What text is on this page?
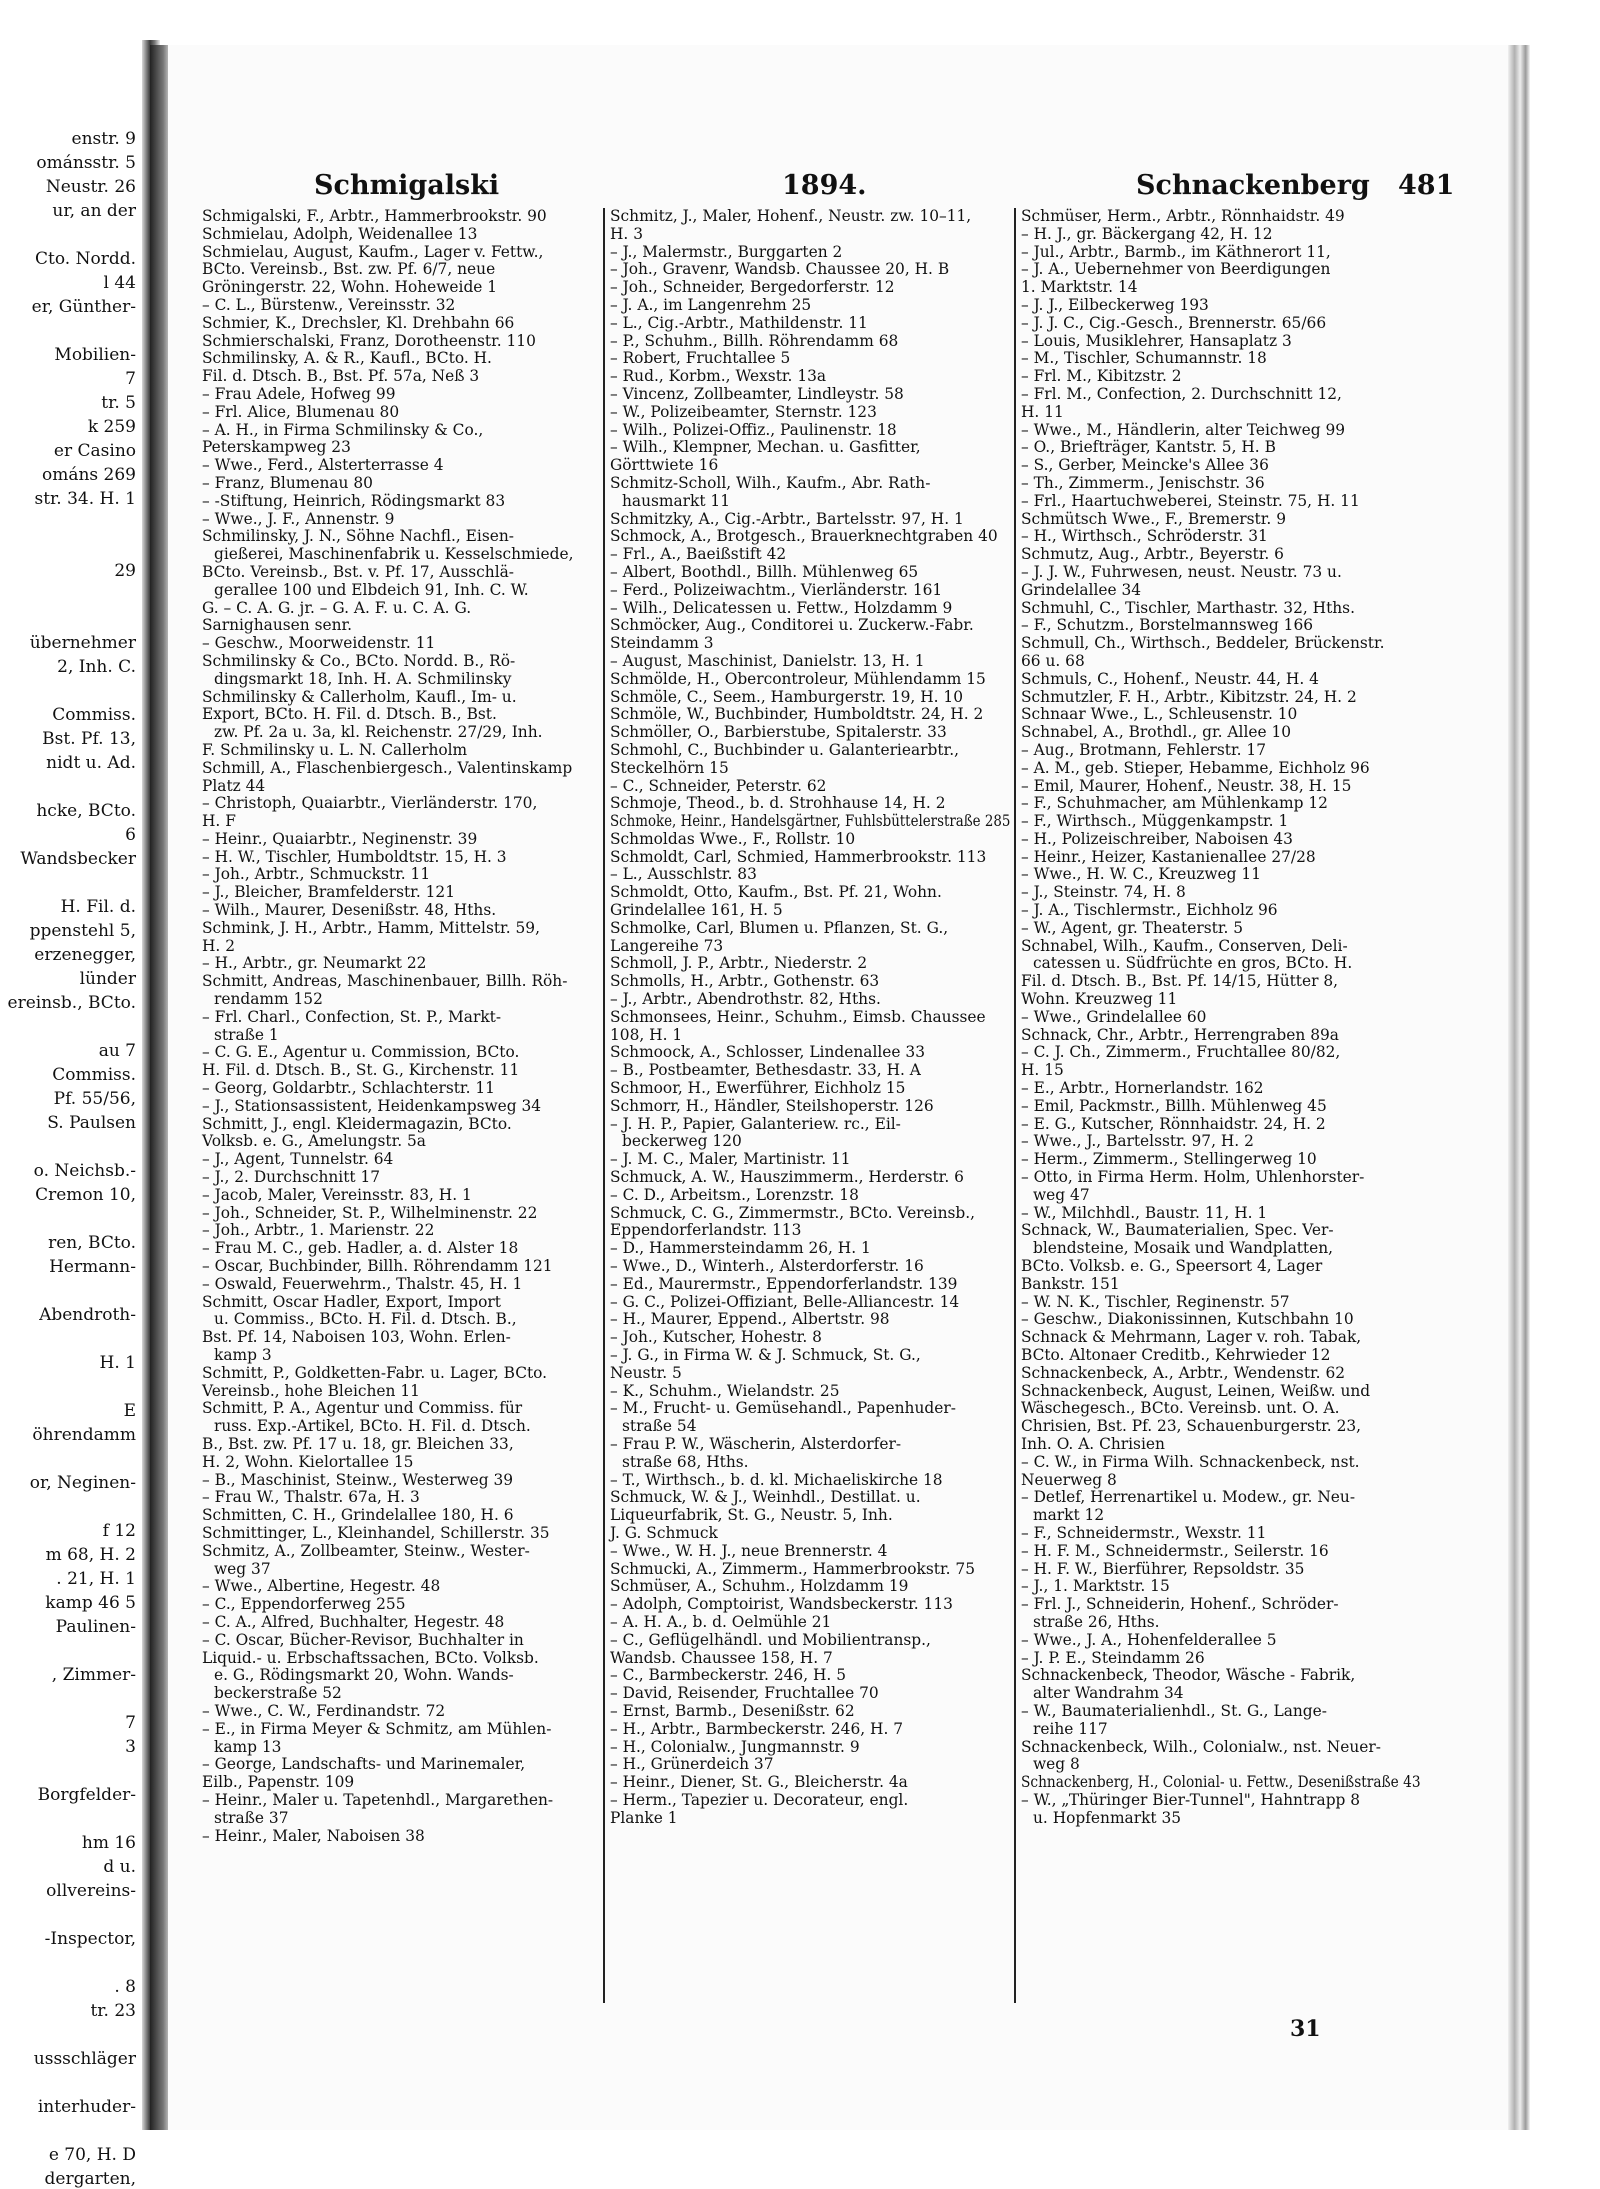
enstr. 9
ománsstr. 5
Neustr. 26
ur, an der
Cto. Nordd.
l 44
er, Günther-
Mobilien-
7
tr. 5
k 259
er Casino
ománs 269
str. 34. H. 1
29
übernehmer
2, Inh. C.
Commiss.
Bst. Pf. 13,
nidt u. Ad.
hcke, BCto.
6
Wandsbecker
H. Fil. d.
ppenstehl 5,
erzenegger,
lünder
ereinsb., BCto.
au 7
Commiss.
Pf. 55/56,
S. Paulsen
o. Neichsb.-
Cremon 10,
ren, BCto.
Hermann-
Abendroth-
H. 1
E
öhrendamm
or, Neginen-
f 12
m 68, H. 2
. 21, H. 1
kamp 46 5
Paulinen-
, Zimmer-
7
3
Borgfelder-
hm 16
d u.
ollvereins-
-Inspector,
. 8
tr. 23
ussschläger
interhuder-
e 70, H. D
dergarten,
Schmigalski	1894.	Schnackenberg 481
Schmigalski, F., Arbtr., Hammerbrookstr. 90
Schmielau, Adolph, Weidenallee 13
Schmielau, August, Kaufm., Lager v. Fettw.,
BCto. Vereinsb., Bst. zw. Pf. 6/7, neue
Gröningerstr. 22, Wohn. Hoheweide 1
– C. L., Bürstenw., Vereinsstr. 32
Schmier, K., Drechsler, Kl. Drehbahn 66
Schmierschalski, Franz, Dorotheenstr. 110
Schmilinsky, A. & R., Kaufl., BCto. H.
Fil. d. Dtsch. B., Bst. Pf. 57a, Neß 3
– Frau Adele, Hofweg 99
– Frl. Alice, Blumenau 80
– A. H., in Firma Schmilinsky & Co.,
Peterskampweg 23
– Wwe., Ferd., Alsterterrasse 4
– Franz, Blumenau 80
– -Stiftung, Heinrich, Rödingsmarkt 83
– Wwe., J. F., Annenstr. 9
Schmilinsky, J. N., Söhne Nachfl., Eisen-
gießerei, Maschinenfabrik u. Kesselschmiede,
BCto. Vereinsb., Bst. v. Pf. 17, Ausschlä-
gerallee 100 und Elbdeich 91, Inh. C. W.
G. – C. A. G. jr. – G. A. F. u. C. A. G.
Sarnighausen senr.
– Geschw., Moorweidenstr. 11
Schmilinsky & Co., BCto. Nordd. B., Rö-
dingsmarkt 18, Inh. H. A. Schmilinsky
Schmilinsky & Callerholm, Kaufl., Im- u.
Export, BCto. H. Fil. d. Dtsch. B., Bst.
zw. Pf. 2a u. 3a, kl. Reichenstr. 27/29, Inh.
F. Schmilinsky u. L. N. Callerholm
Schmill, A., Flaschenbiergesch., Valentinskamp
Platz 44
– Christoph, Quaiarbtr., Vierländerstr. 170,
H. F
– Heinr., Quaiarbtr., Neginenstr. 39
– H. W., Tischler, Humboldtstr. 15, H. 3
– Joh., Arbtr., Schmuckstr. 11
– J., Bleicher, Bramfelderstr. 121
– Wilh., Maurer, Desenißstr. 48, Hths.
Schmink, J. H., Arbtr., Hamm, Mittelstr. 59,
H. 2
– H., Arbtr., gr. Neumarkt 22
Schmitt, Andreas, Maschinenbauer, Billh. Röh-
rendamm 152
– Frl. Charl., Confection, St. P., Markt-
straße 1
– C. G. E., Agentur u. Commission, BCto.
H. Fil. d. Dtsch. B., St. G., Kirchenstr. 11
– Georg, Goldarbtr., Schlachterstr. 11
– J., Stationsassistent, Heidenkampsweg 34
Schmitt, J., engl. Kleidermagazin, BCto.
Volksb. e. G., Amelungstr. 5a
– J., Agent, Tunnelstr. 64
– J., 2. Durchschnitt 17
– Jacob, Maler, Vereinsstr. 83, H. 1
– Joh., Schneider, St. P., Wilhelminenstr. 22
– Joh., Arbtr., 1. Marienstr. 22
– Frau M. C., geb. Hadler, a. d. Alster 18
– Oscar, Buchbinder, Billh. Röhrendamm 121
– Oswald, Feuerwehrm., Thalstr. 45, H. 1
Schmitt, Oscar Hadler, Export, Import
u. Commiss., BCto. H. Fil. d. Dtsch. B.,
Bst. Pf. 14, Naboisen 103, Wohn. Erlen-
kamp 3
Schmitt, P., Goldketten-Fabr. u. Lager, BCto.
Vereinsb., hohe Bleichen 11
Schmitt, P. A., Agentur und Commiss. für
russ. Exp.-Artikel, BCto. H. Fil. d. Dtsch.
B., Bst. zw. Pf. 17 u. 18, gr. Bleichen 33,
H. 2, Wohn. Kielortallee 15
– B., Maschinist, Steinw., Westerweg 39
– Frau W., Thalstr. 67a, H. 3
Schmitten, C. H., Grindelallee 180, H. 6
Schmittinger, L., Kleinhandel, Schillerstr. 35
Schmitz, A., Zollbeamter, Steinw., Wester-
weg 37
– Wwe., Albertine, Hegestr. 48
– C., Eppendorferweg 255
– C. A., Alfred, Buchhalter, Hegestr. 48
– C. Oscar, Bücher-Revisor, Buchhalter in
Liquid.- u. Erbschaftssachen, BCto. Volksb.
e. G., Rödingsmarkt 20, Wohn. Wands-
beckerstraße 52
– Wwe., C. W., Ferdinandstr. 72
– E., in Firma Meyer & Schmitz, am Mühlen-
kamp 13
– George, Landschafts- und Marinemaler,
Eilb., Papenstr. 109
– Heinr., Maler u. Tapetenhdl., Margarethen-
straße 37
– Heinr., Maler, Naboisen 38
Schmitz, J., Maler, Hohenf., Neustr. zw. 10–11,
H. 3
– J., Malermstr., Burggarten 2
– Joh., Gravenr, Wandsb. Chaussee 20, H. B
– Joh., Schneider, Bergedorferstr. 12
– J. A., im Langenrehm 25
– L., Cig.-Arbtr., Mathildenstr. 11
– P., Schuhm., Billh. Röhrendamm 68
– Robert, Fruchtallee 5
– Rud., Korbm., Wexstr. 13a
– Vincenz, Zollbeamter, Lindleystr. 58
– W., Polizeibeamter, Sternstr. 123
– Wilh., Polizei-Offiz., Paulinenstr. 18
– Wilh., Klempner, Mechan. u. Gasfitter,
Görttwiete 16
Schmitz-Scholl, Wilh., Kaufm., Abr. Rath-
hausmarkt 11
Schmitzky, A., Cig.-Arbtr., Bartelsstr. 97, H. 1
Schmock, A., Brotgesch., Brauerknechtgraben 40
– Frl., A., Baeißstift 42
– Albert, Boothdl., Billh. Mühlenweg 65
– Ferd., Polizeiwachtm., Vierländerstr. 161
– Wilh., Delicatessen u. Fettw., Holzdamm 9
Schmöcker, Aug., Conditorei u. Zuckerw.-Fabr.
Steindamm 3
– August, Maschinist, Danielstr. 13, H. 1
Schmölde, H., Obercontroleur, Mühlendamm 15
Schmöle, C., Seem., Hamburgerstr. 19, H. 10
Schmöle, W., Buchbinder, Humboldtstr. 24, H. 2
Schmöller, O., Barbierstube, Spitalerstr. 33
Schmohl, C., Buchbinder u. Galanteriearbtr.,
Steckelhörn 15
– C., Schneider, Peterstr. 62
Schmoje, Theod., b. d. Strohhause 14, H. 2
Schmoke, Heinr., Handelsgärtner, Fuhlsbüttelerstraße 285
Schmoldas Wwe., F., Rollstr. 10
Schmoldt, Carl, Schmied, Hammerbrookstr. 113
– L., Ausschlstr. 83
Schmoldt, Otto, Kaufm., Bst. Pf. 21, Wohn.
Grindelallee 161, H. 5
Schmolke, Carl, Blumen u. Pflanzen, St. G.,
Langereihe 73
Schmoll, J. P., Arbtr., Niederstr. 2
Schmolls, H., Arbtr., Gothenstr. 63
– J., Arbtr., Abendrothstr. 82, Hths.
Schmonsees, Heinr., Schuhm., Eimsb. Chaussee
108, H. 1
Schmoock, A., Schlosser, Lindenallee 33
– B., Postbeamter, Bethesdastr. 33, H. A
Schmoor, H., Ewerführer, Eichholz 15
Schmorr, H., Händler, Steilshoperstr. 126
– J. H. P., Papier, Galanteriew. rc., Eil-
beckerweg 120
– J. M. C., Maler, Martinistr. 11
Schmuck, A. W., Hauszimmerm., Herderstr. 6
– C. D., Arbeitsm., Lorenzstr. 18
Schmuck, C. G., Zimmermstr., BCto. Vereinsb.,
Eppendorferlandstr. 113
– D., Hammersteindamm 26, H. 1
– Wwe., D., Winterh., Alsterdorferstr. 16
– Ed., Maurermstr., Eppendorferlandstr. 139
– G. C., Polizei-Offiziant, Belle-Alliancestr. 14
– H., Maurer, Eppend., Albertstr. 98
– Joh., Kutscher, Hohestr. 8
– J. G., in Firma W. & J. Schmuck, St. G.,
Neustr. 5
– K., Schuhm., Wielandstr. 25
– M., Frucht- u. Gemüsehandl., Papenhuder-
straße 54
– Frau P. W., Wäscherin, Alsterdorfer-
straße 68, Hths.
– T., Wirthsch., b. d. kl. Michaeliskirche 18
Schmuck, W. & J., Weinhdl., Destillat. u.
Liqueurfabrik, St. G., Neustr. 5, Inh.
J. G. Schmuck
– Wwe., W. H. J., neue Brennerstr. 4
Schmucki, A., Zimmerm., Hammerbrookstr. 75
Schmüser, A., Schuhm., Holzdamm 19
– Adolph, Comptoirist, Wandsbeckerstr. 113
– A. H. A., b. d. Oelmühle 21
– C., Geflügelhändl. und Mobilientransp.,
Wandsb. Chaussee 158, H. 7
– C., Barmbeckerstr. 246, H. 5
– David, Reisender, Fruchtallee 70
– Ernst, Barmb., Desenißstr. 62
– H., Arbtr., Barmbeckerstr. 246, H. 7
– H., Colonialw., Jungmannstr. 9
– H., Grünerdeich 37
– Heinr., Diener, St. G., Bleicherstr. 4a
– Herm., Tapezier u. Decorateur, engl.
Planke 1
Schmüser, Herm., Arbtr., Rönnhaidstr. 49
– H. J., gr. Bäckergang 42, H. 12
– Jul., Arbtr., Barmb., im Käthnerort 11,
– J. A., Uebernehmer von Beerdigungen
1. Marktstr. 14
– J. J., Eilbeckerweg 193
– J. J. C., Cig.-Gesch., Brennerstr. 65/66
– Louis, Musiklehrer, Hansaplatz 3
– M., Tischler, Schumannstr. 18
– Frl. M., Kibitzstr. 2
– Frl. M., Confection, 2. Durchschnitt 12,
H. 11
– Wwe., M., Händlerin, alter Teichweg 99
– O., Briefträger, Kantstr. 5, H. B
– S., Gerber, Meincke's Allee 36
– Th., Zimmerm., Jenischstr. 36
– Frl., Haartuchweberei, Steinstr. 75, H. 11
Schmütsch Wwe., F., Bremerstr. 9
– H., Wirthsch., Schröderstr. 31
Schmutz, Aug., Arbtr., Beyerstr. 6
– J. J. W., Fuhrwesen, neust. Neustr. 73 u.
Grindelallee 34
Schmuhl, C., Tischler, Marthastr. 32, Hths.
– F., Schutzm., Borstelmannsweg 166
Schmull, Ch., Wirthsch., Beddeler, Brückenstr.
66 u. 68
Schmuls, C., Hohenf., Neustr. 44, H. 4
Schmutzler, F. H., Arbtr., Kibitzstr. 24, H. 2
Schnaar Wwe., L., Schleusenstr. 10
Schnabel, A., Brothdl., gr. Allee 10
– Aug., Brotmann, Fehlerstr. 17
– A. M., geb. Stieper, Hebamme, Eichholz 96
– Emil, Maurer, Hohenf., Neustr. 38, H. 15
– F., Schuhmacher, am Mühlenkamp 12
– F., Wirthsch., Müggenkampstr. 1
– H., Polizeischreiber, Naboisen 43
– Heinr., Heizer, Kastanienallee 27/28
– Wwe., H. W. C., Kreuzweg 11
– J., Steinstr. 74, H. 8
– J. A., Tischlermstr., Eichholz 96
– W., Agent, gr. Theaterstr. 5
Schnabel, Wilh., Kaufm., Conserven, Deli-
catessen u. Südfrüchte en gros, BCto. H.
Fil. d. Dtsch. B., Bst. Pf. 14/15, Hütter 8,
Wohn. Kreuzweg 11
– Wwe., Grindelallee 60
Schnack, Chr., Arbtr., Herrengraben 89a
– C. J. Ch., Zimmerm., Fruchtallee 80/82,
H. 15
– E., Arbtr., Hornerlandstr. 162
– Emil, Packmstr., Billh. Mühlenweg 45
– E. G., Kutscher, Rönnhaidstr. 24, H. 2
– Wwe., J., Bartelsstr. 97, H. 2
– Herm., Zimmerm., Stellingerweg 10
– Otto, in Firma Herm. Holm, Uhlenhorster-
weg 47
– W., Milchhdl., Baustr. 11, H. 1
Schnack, W., Baumaterialien, Spec. Ver-
blendsteine, Mosaik und Wandplatten,
BCto. Volksb. e. G., Speersort 4, Lager
Bankstr. 151
– W. N. K., Tischler, Reginenstr. 57
– Geschw., Diakonissinnen, Kutschbahn 10
Schnack & Mehrmann, Lager v. roh. Tabak,
BCto. Altonaer Creditb., Kehrwieder 12
Schnackenbeck, A., Arbtr., Wendenstr. 62
Schnackenbeck, August, Leinen, Weißw. und
Wäschegesch., BCto. Vereinsb. unt. O. A.
Chrisien, Bst. Pf. 23, Schauenburgerstr. 23,
Inh. O. A. Chrisien
– C. W., in Firma Wilh. Schnackenbeck, nst.
Neuerweg 8
– Detlef, Herrenartikel u. Modew., gr. Neu-
markt 12
– F., Schneidermstr., Wexstr. 11
– H. F. M., Schneidermstr., Seilerstr. 16
– H. F. W., Bierführer, Repsoldstr. 35
– J., 1. Marktstr. 15
– Frl. J., Schneiderin, Hohenf., Schröder-
straße 26, Hths.
– Wwe., J. A., Hohenfelderallee 5
– J. P. E., Steindamm 26
Schnackenbeck, Theodor, Wäsche - Fabrik,
alter Wandrahm 34
– W., Baumaterialienhdl., St. G., Lange-
reihe 117
Schnackenbeck, Wilh., Colonialw., nst. Neuer-
weg 8
Schnackenberg, H., Colonial- u. Fettw., Desenißstraße 43
– W., „Thüringer Bier-Tunnel", Hahntrapp 8
u. Hopfenmarkt 35
31
